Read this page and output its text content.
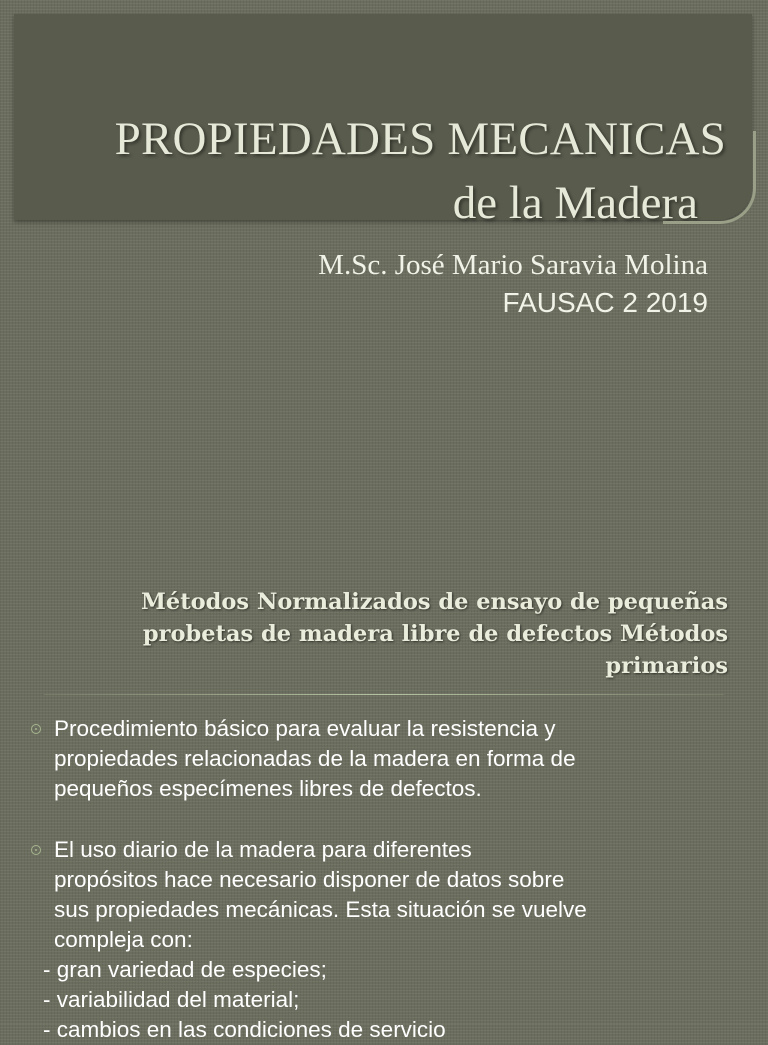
PROPIEDADES MECANICAS
de la Madera
M.Sc. José Mario Saravia Molina
FAUSAC 2 2019
Métodos Normalizados de ensayo de pequeñas
probetas de madera libre de defectos Métodos
primarios
Procedimiento básico para evaluar la resistencia y
propiedades relacionadas de la madera en forma de
pequeños especímenes libres de defectos.
El uso diario de la madera para diferentes
propósitos hace necesario disponer de datos sobre
sus propiedades mecánicas. Esta situación se vuelve
compleja con:
- gran variedad de especies;
- variabilidad del material;
- cambios en las condiciones de servicio
